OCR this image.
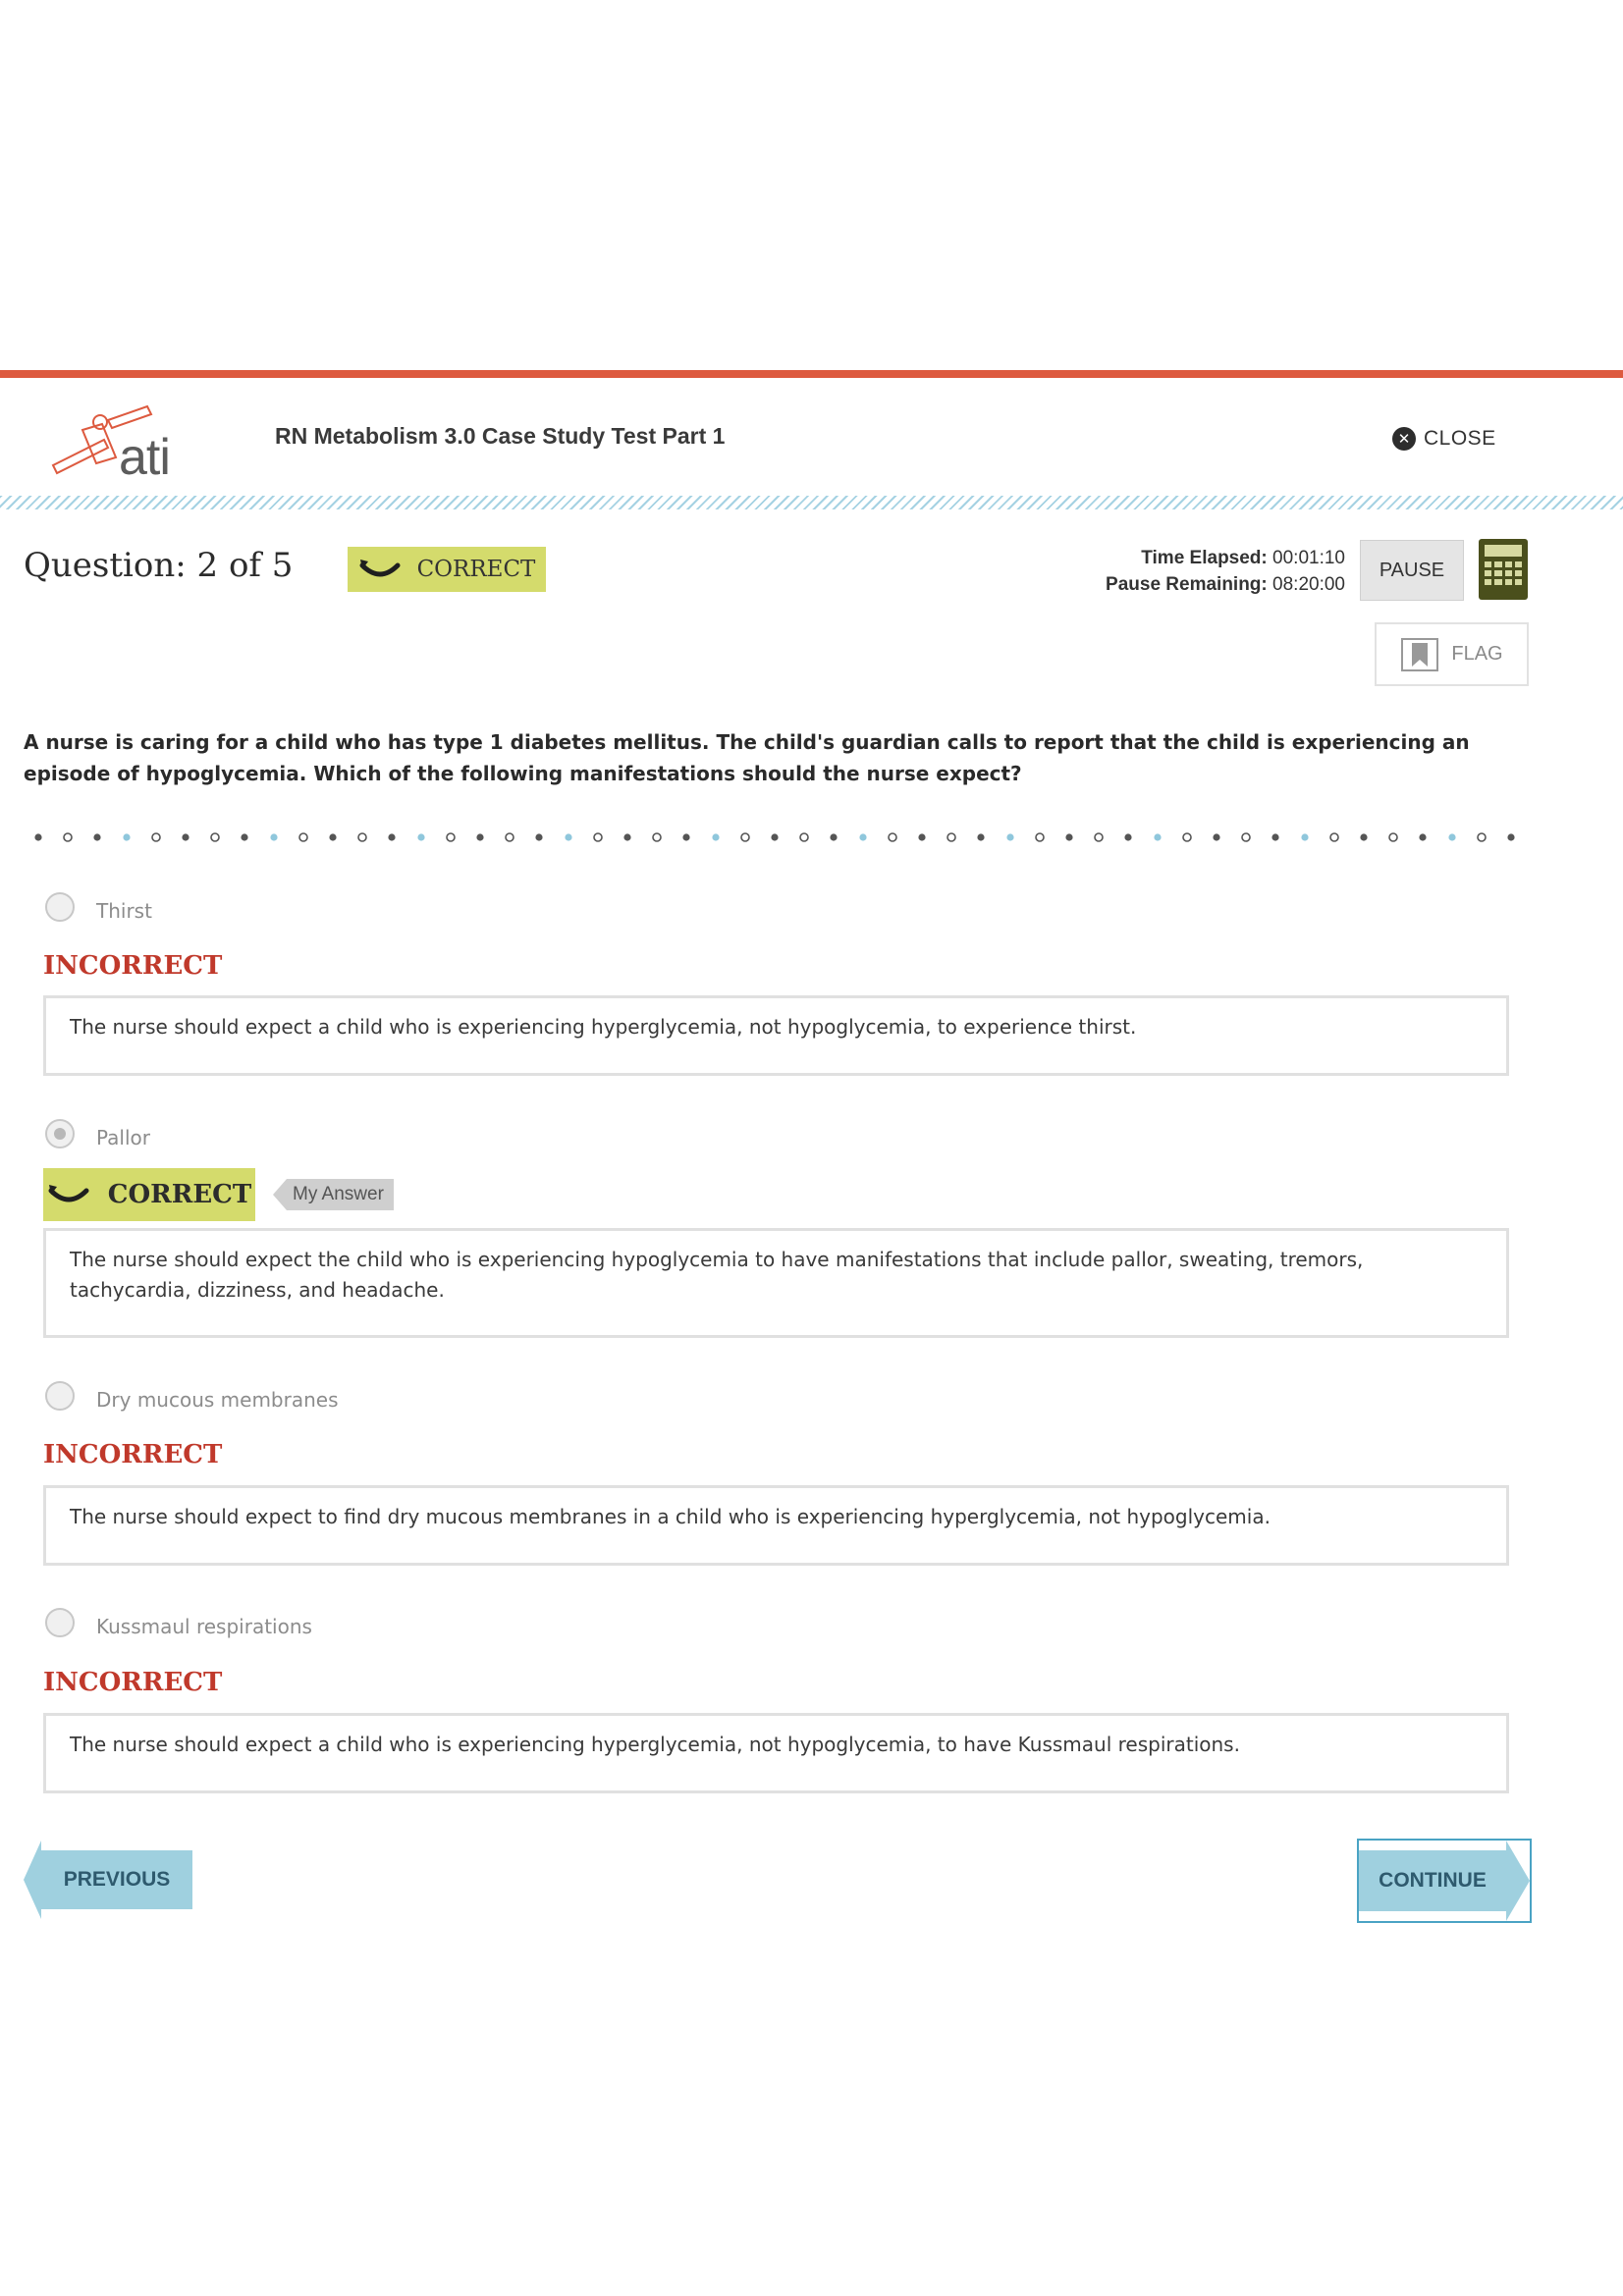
ati	RN Metabolism 3.0 Case Study Test Part 1	✕ CLOSE
Question: 2 of 5	CORRECT	Time Elapsed: 00:01:10
Pause Remaining: 08:20:00
PAUSE
FLAG
A nurse is caring for a child who has type 1 diabetes mellitus. The child's guardian calls to report that the child is experiencing an episode of hypoglycemia. Which of the following manifestations should the nurse expect?
Thirst
INCORRECT
The nurse should expect a child who is experiencing hyperglycemia, not hypoglycemia, to experience thirst.
Pallor
CORRECT	My Answer
The nurse should expect the child who is experiencing hypoglycemia to have manifestations that include pallor, sweating, tremors, tachycardia, dizziness, and headache.
Dry mucous membranes
INCORRECT
The nurse should expect to find dry mucous membranes in a child who is experiencing hyperglycemia, not hypoglycemia.
Kussmaul respirations
INCORRECT
The nurse should expect a child who is experiencing hyperglycemia, not hypoglycemia, to have Kussmaul respirations.
PREVIOUS	CONTINUE
